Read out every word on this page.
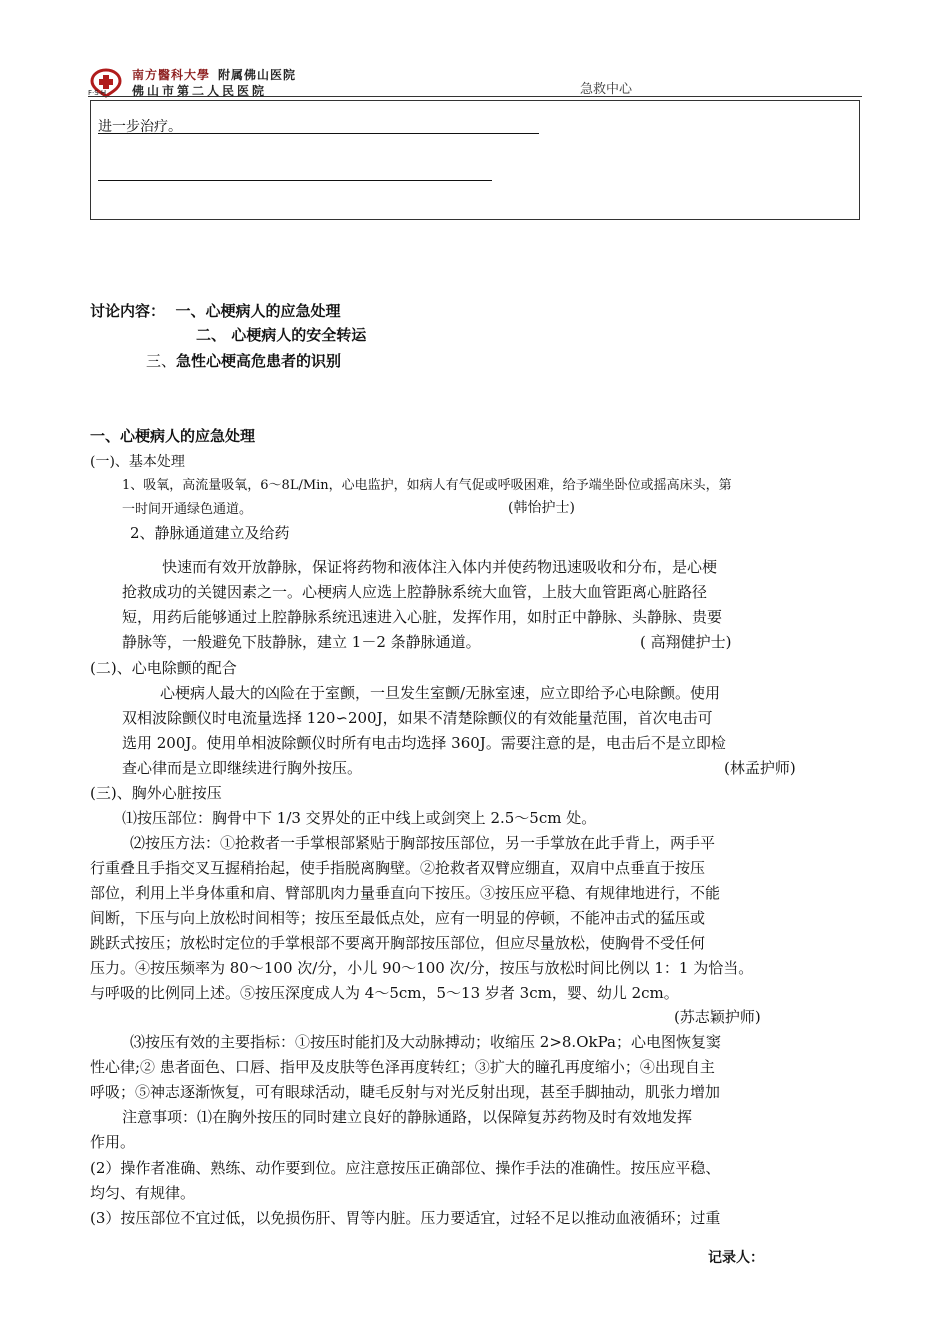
南方醫科大學 附属佛山医院
佛山市第二人民医院
F·S·H	急救中心
进一步治疗。
讨论内容： 一、心梗病人的应急处理
二、 心梗病人的安全转运
三、急性心梗高危患者的识别
一、心梗病人的应急处理
(一)、基本处理
1、吸氧，高流量吸氧，6～8L/Min，心电监护，如病人有气促或呼吸困难，给予端坐卧位或摇高床头，第
一时间开通绿色通道。	(韩怡护士)
2、静脉通道建立及给药
快速而有效开放静脉，保证将药物和液体注入体内并使药物迅速吸收和分布，是心梗
抢救成功的关键因素之一。心梗病人应选上腔静脉系统大血管，上肢大血管距离心脏路径
短，用药后能够通过上腔静脉系统迅速进入心脏，发挥作用，如肘正中静脉、头静脉、贵要
静脉等，一般避免下肢静脉，建立 1－2 条静脉通道。	( 高翔健护士)
(二)、心电除颤的配合
心梗病人最大的凶险在于室颤，一旦发生室颤/无脉室速，应立即给予心电除颤。使用
双相波除颤仪时电流量选择 120∽200J，如果不清楚除颤仪的有效能量范围，首次电击可
选用 200J。使用单相波除颤仪时所有电击均选择 360J。需要注意的是，电击后不是立即检
查心律而是立即继续进行胸外按压。	(林孟护师)
(三)、胸外心脏按压
⑴按压部位：胸骨中下 1/3 交界处的正中线上或剑突上 2.5～5cm 处。
⑵按压方法：①抢救者一手掌根部紧贴于胸部按压部位，另一手掌放在此手背上，两手平
行重叠且手指交叉互握稍抬起，使手指脱离胸壁。②抢救者双臂应绷直，双肩中点垂直于按压
部位，利用上半身体重和肩、臂部肌肉力量垂直向下按压。③按压应平稳、有规律地进行，不能
间断，下压与向上放松时间相等；按压至最低点处，应有一明显的停顿，不能冲击式的猛压或
跳跃式按压；放松时定位的手掌根部不要离开胸部按压部位，但应尽量放松，使胸骨不受任何
压力。④按压频率为 80～100 次/分，小儿 90～100 次/分，按压与放松时间比例以 1：1 为恰当。
与呼吸的比例同上述。⑤按压深度成人为 4～5cm，5～13 岁者 3cm，婴、幼儿 2cm。
(苏志颖护师)
⑶按压有效的主要指标：①按压时能扪及大动脉搏动；收缩压 2>8.OkPa；心电图恢复窦
性心律;② 患者面色、口唇、指甲及皮肤等色泽再度转红；③扩大的瞳孔再度缩小；④出现自主
呼吸；⑤神志逐渐恢复，可有眼球活动，睫毛反射与对光反射出现，甚至手脚抽动，肌张力增加
注意事项：⑴在胸外按压的同时建立良好的静脉通路，以保障复苏药物及时有效地发挥
作用。
(2）操作者准确、熟练、动作要到位。应注意按压正确部位、操作手法的准确性。按压应平稳、
均匀、有规律。
(3）按压部位不宜过低，以免损伤肝、胃等内脏。压力要适宜，过轻不足以推动血液循环；过重
记录人：
